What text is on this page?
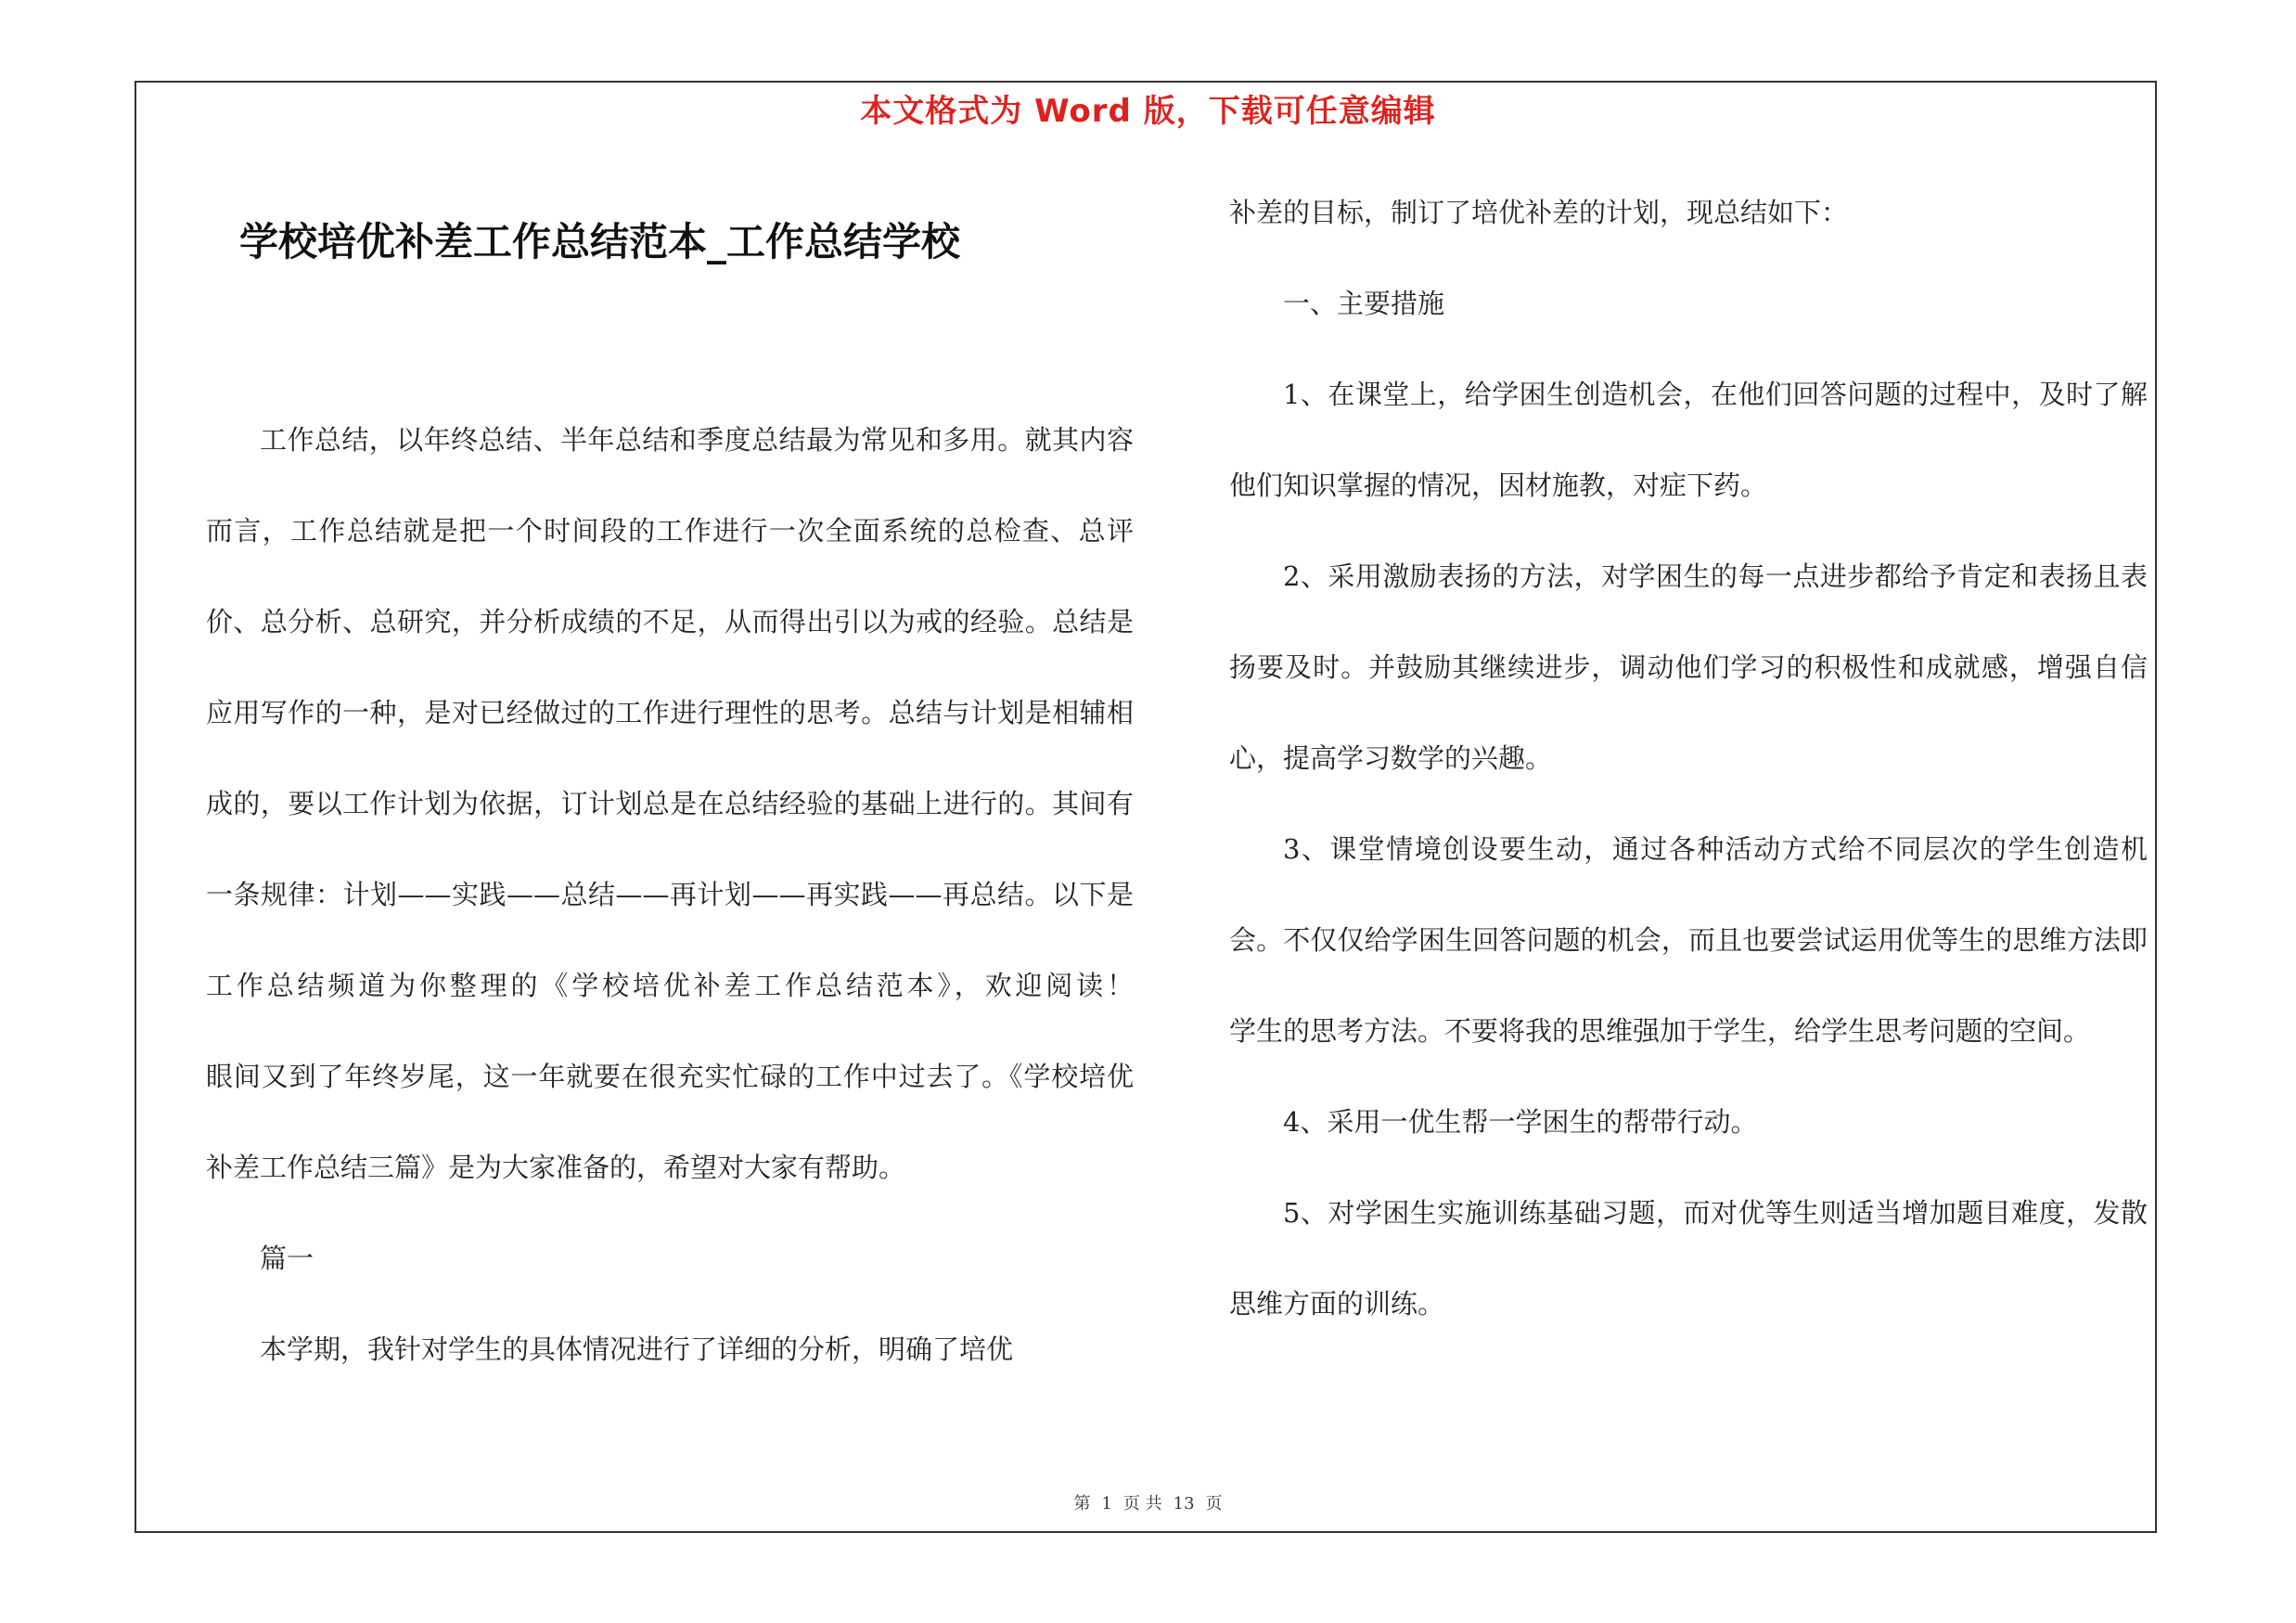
本文格式为 Word 版，下载可任意编辑
学校培优补差工作总结范本_工作总结学校

工作总结，以年终总结、半年总结和季度总结最为常见和多用。就其内容而言，工作总结就是把一个时间段的工作进行一次全面系统的总检查、总评价、总分析、总研究，并分析成绩的不足，从而得出引以为戒的经验。总结是应用写作的一种，是对已经做过的工作进行理性的思考。总结与计划是相辅相成的，要以工作计划为依据，订计划总是在总结经验的基础上进行的。其间有一条规律：计划——实践——总结——再计划——再实践——再总结。以下是工作总结频道为你整理的《学校培优补差工作总结范本》，欢迎阅读！　　　　眼间又到了年终岁尾，这一年就要在很充实忙碌的工作中过去了。《学校培优补差工作总结三篇》是为大家准备的，希望对大家有帮助。

篇一

本学期，我针对学生的具体情况进行了详细的分析，明确了培优

补差的目标，制订了培优补差的计划，现总结如下：

一、主要措施

1、在课堂上，给学困生创造机会，在他们回答问题的过程中，及时了解他们知识掌握的情况，因材施教，对症下药。

2、采用激励表扬的方法，对学困生的每一点进步都给予肯定和表扬且表扬要及时。并鼓励其继续进步，调动他们学习的积极性和成就感，增强自信心，提高学习数学的兴趣。

3、课堂情境创设要生动，通过各种活动方式给不同层次的学生创造机会。不仅仅给学困生回答问题的机会，而且也要尝试运用优等生的思维方法即学生的思考方法。不要将我的思维强加于学生，给学生思考问题的空间。

4、采用一优生帮一学困生的帮带行动。

5、对学困生实施训练基础习题，而对优等生则适当增加题目难度，发散思维方面的训练。

第 1 页 共 13 页
